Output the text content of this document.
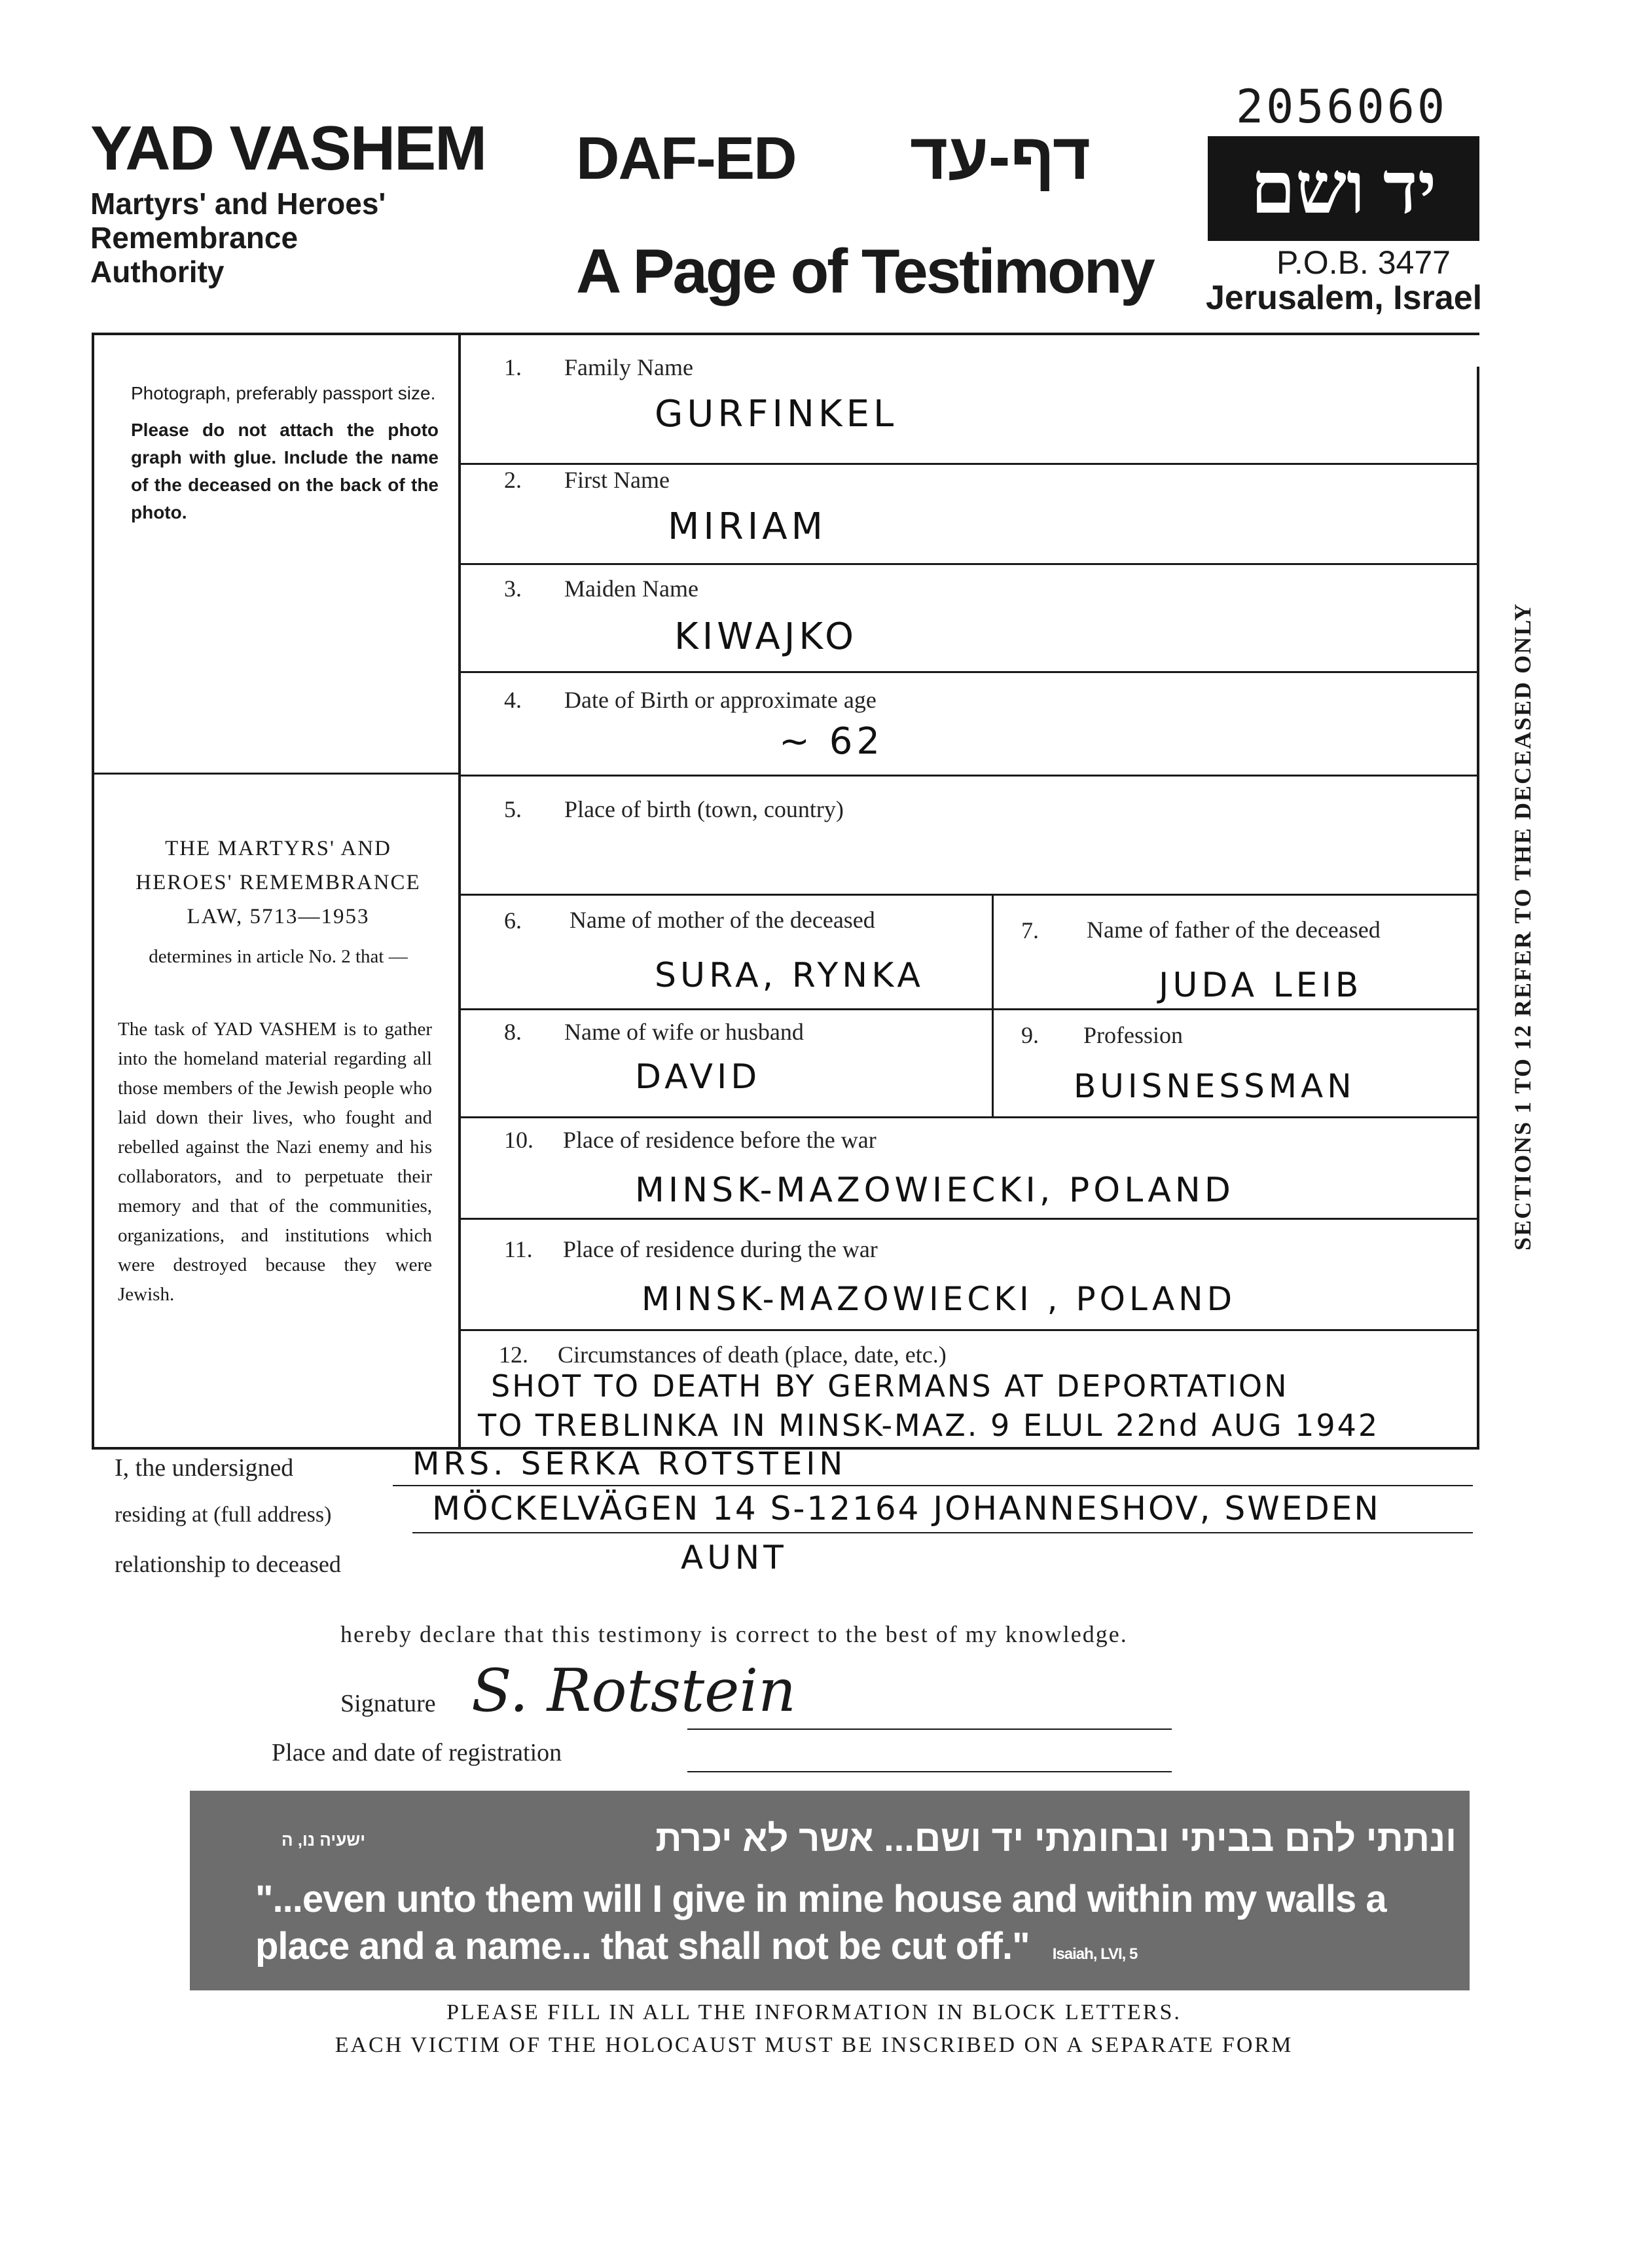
YAD VASHEM
Martyrs' and Heroes'
Remembrance
Authority
DAF-ED דף-עד
A Page of Testimony
2056060
יד ושם
P.O.B. 3477
Jerusalem, Israel
Photograph, preferably passport size.
Please do not attach the photo graph with glue. Include the name of the deceased on the back of the photo.
THE MARTYRS' AND HEROES' REMEMBRANCE LAW, 5713—1953
determines in article No. 2 that —
The task of YAD VASHEM is to gather into the homeland material regarding all those members of the Jewish people who laid down their lives, who fought and rebelled against the Nazi enemy and his collaborators, and to perpetuate their memory and that of the communities, organizations, and institutions which were destroyed because they were Jewish.
1. Family Name
GURFINKEL
2. First Name
MIRIAM
3. Maiden Name
KIWAJKO
4. Date of Birth or approximate age
~ 62
5. Place of birth (town, country)
6. Name of mother of the deceased
SURA, RYNKA
7. Name of father of the deceased
JUDA LEIB
8. Name of wife or husband
DAVID
9. Profession
BUISNESSMAN
10. Place of residence before the war
MINSK-MAZOWIECKI, POLAND
11. Place of residence during the war
MINSK-MAZOWIECKI , POLAND
12. Circumstances of death (place, date, etc.)
SHOT TO DEATH BY GERMANS AT DEPORTATION
TO TREBLINKA IN MINSK-MAZ. 9 ELUL 22nd AUG 1942
SECTIONS 1 TO 12 REFER TO THE DECEASED ONLY
I, the undersigned	MRS. SERKA ROTSTEIN
residing at (full address)	MÖCKELVÄGEN 14 S-12164 JOHANNESHOV, SWEDEN
relationship to deceased	AUNT
hereby declare that this testimony is correct to the best of my knowledge.
Signature S. Rotstein
Place and date of registration
ישעיה נו, ה	ונתתי להם בביתי ובחומתי יד ושם... אשר לא יכרת
"...even unto them will I give in mine house and within my walls a place and a name... that shall not be cut off." Isaiah, LVI, 5
PLEASE FILL IN ALL THE INFORMATION IN BLOCK LETTERS.
EACH VICTIM OF THE HOLOCAUST MUST BE INSCRIBED ON A SEPARATE FORM
